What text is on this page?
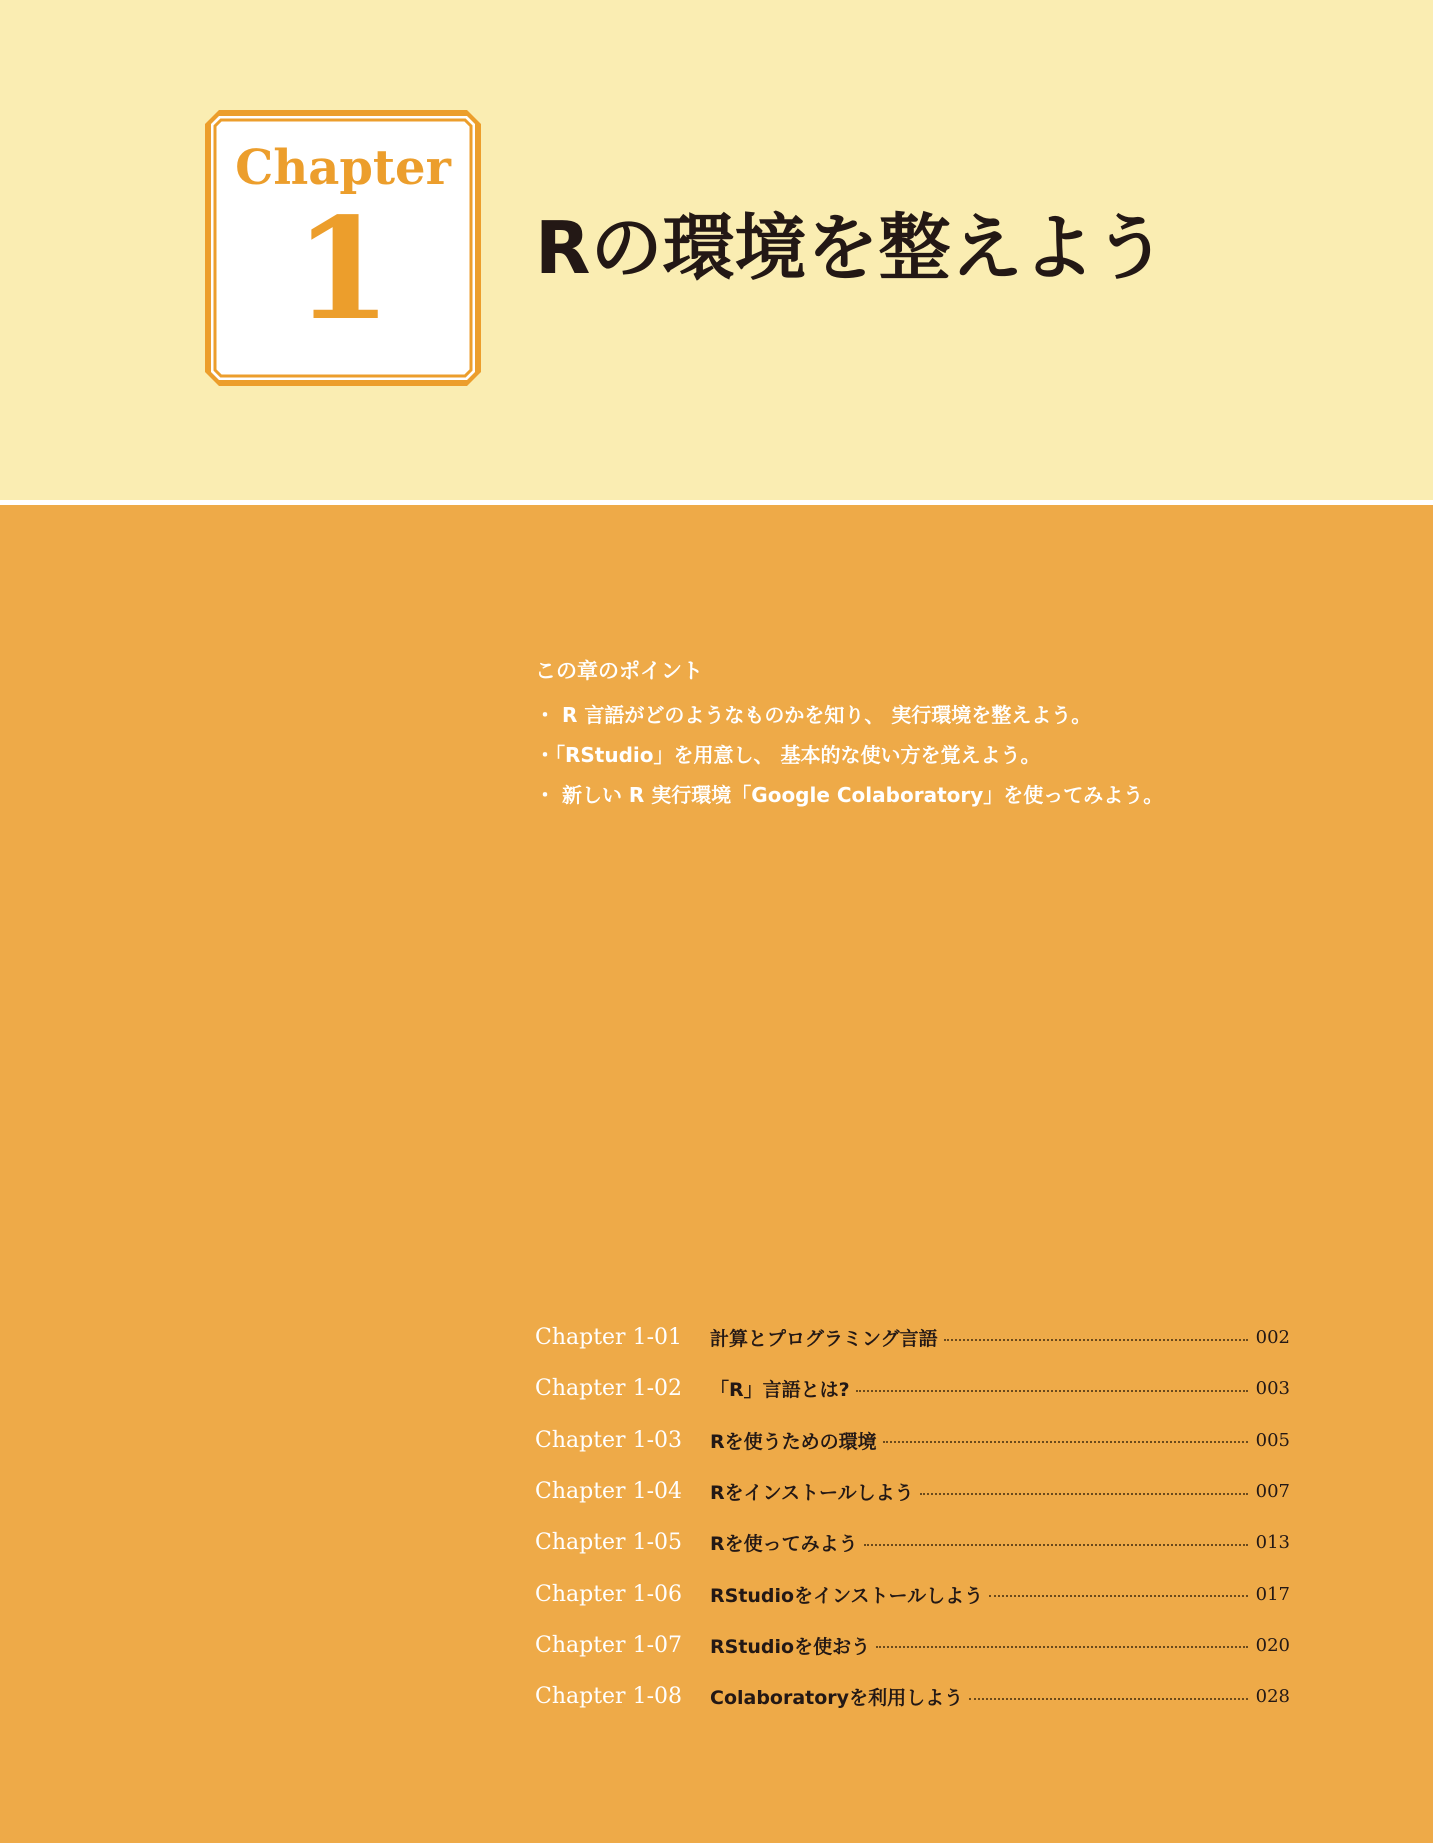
Chapter
1	Rの環境を整えよう
この章のポイント
・ R 言語がどのようなものかを知り、 実行環境を整えよう。
・「RStudio」を用意し、 基本的な使い方を覚えよう。
・ 新しい R 実行環境「Google Colaboratory」を使ってみよう。
Chapter 1-01	計算とプログラミング言語	002
Chapter 1-02	「R」言語とは?	003
Chapter 1-03	Rを使うための環境	005
Chapter 1-04	Rをインストールしよう	007
Chapter 1-05	Rを使ってみよう	013
Chapter 1-06	RStudioをインストールしよう	017
Chapter 1-07	RStudioを使おう	020
Chapter 1-08	Colaboratoryを利用しよう	028
